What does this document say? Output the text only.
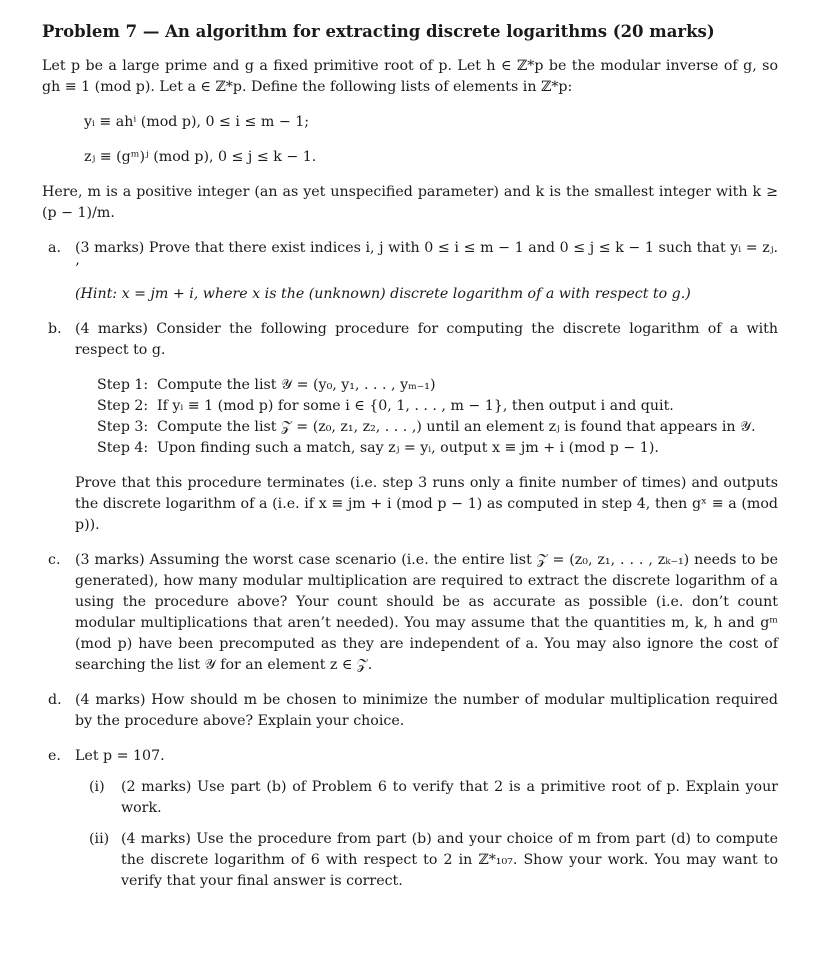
Problem 7 — An algorithm for extracting discrete logarithms (20 marks)

Let p be a large prime and g a fixed primitive root of p. Let h ∈ ℤ*p be the modular inverse of g, so gh ≡ 1 (mod p). Let a ∈ ℤ*p. Define the following lists of elements in ℤ*p:

yᵢ ≡ ahⁱ (mod p), 0 ≤ i ≤ m − 1;
zⱼ ≡ (gᵐ)ʲ (mod p), 0 ≤ j ≤ k − 1.

Here, m is a positive integer (an as yet unspecified parameter) and k is the smallest integer with k ≥ (p − 1)/m.

a. (3 marks) Prove that there exist indices i, j with 0 ≤ i ≤ m − 1 and 0 ≤ j ≤ k − 1 such that yᵢ = zⱼ. ’

(Hint: x = jm + i, where x is the (unknown) discrete logarithm of a with respect to g.)

b. (4 marks) Consider the following procedure for computing the discrete logarithm of a with respect to g.

Step 1: Compute the list 𝒴 = (y₀, y₁, . . . , yₘ₋₁)
Step 2: If yᵢ ≡ 1 (mod p) for some i ∈ {0, 1, . . . , m − 1}, then output i and quit.
Step 3: Compute the list 𝒵 = (z₀, z₁, z₂, . . . ,) until an element zⱼ is found that appears in 𝒴.
Step 4: Upon finding such a match, say zⱼ = yᵢ, output x ≡ jm + i (mod p − 1).

Prove that this procedure terminates (i.e. step 3 runs only a finite number of times) and outputs the discrete logarithm of a (i.e. if x ≡ jm + i (mod p − 1) as computed in step 4, then gˣ ≡ a (mod p)).

c.	(3 marks) Assuming the worst case scenario (i.e. the entire list 𝒵 = (z₀, z₁, . . . , zₖ₋₁) needs to be generated), how many modular multiplication are required to extract the discrete logarithm of a using the procedure above? Your count should be as accurate as possible (i.e. don’t count modular multiplications that aren’t needed). You may assume that the quantities m, k, h and gᵐ (mod p) have been precomputed as they are independent of a. You may also ignore the cost of searching the list 𝒴 for an element z ∈ 𝒵.

d. (4 marks) How should m be chosen to minimize the number of modular multiplication required by the procedure above? Explain your choice.

e. Let p = 107.

(i)	(2 marks) Use part (b) of Problem 6 to verify that 2 is a primitive root of p. Explain your work.

(ii) (4 marks) Use the procedure from part (b) and your choice of m from part (d) to compute the discrete logarithm of 6 with respect to 2 in ℤ*₁₀₇. Show your work. You may want to verify that your final answer is correct.
